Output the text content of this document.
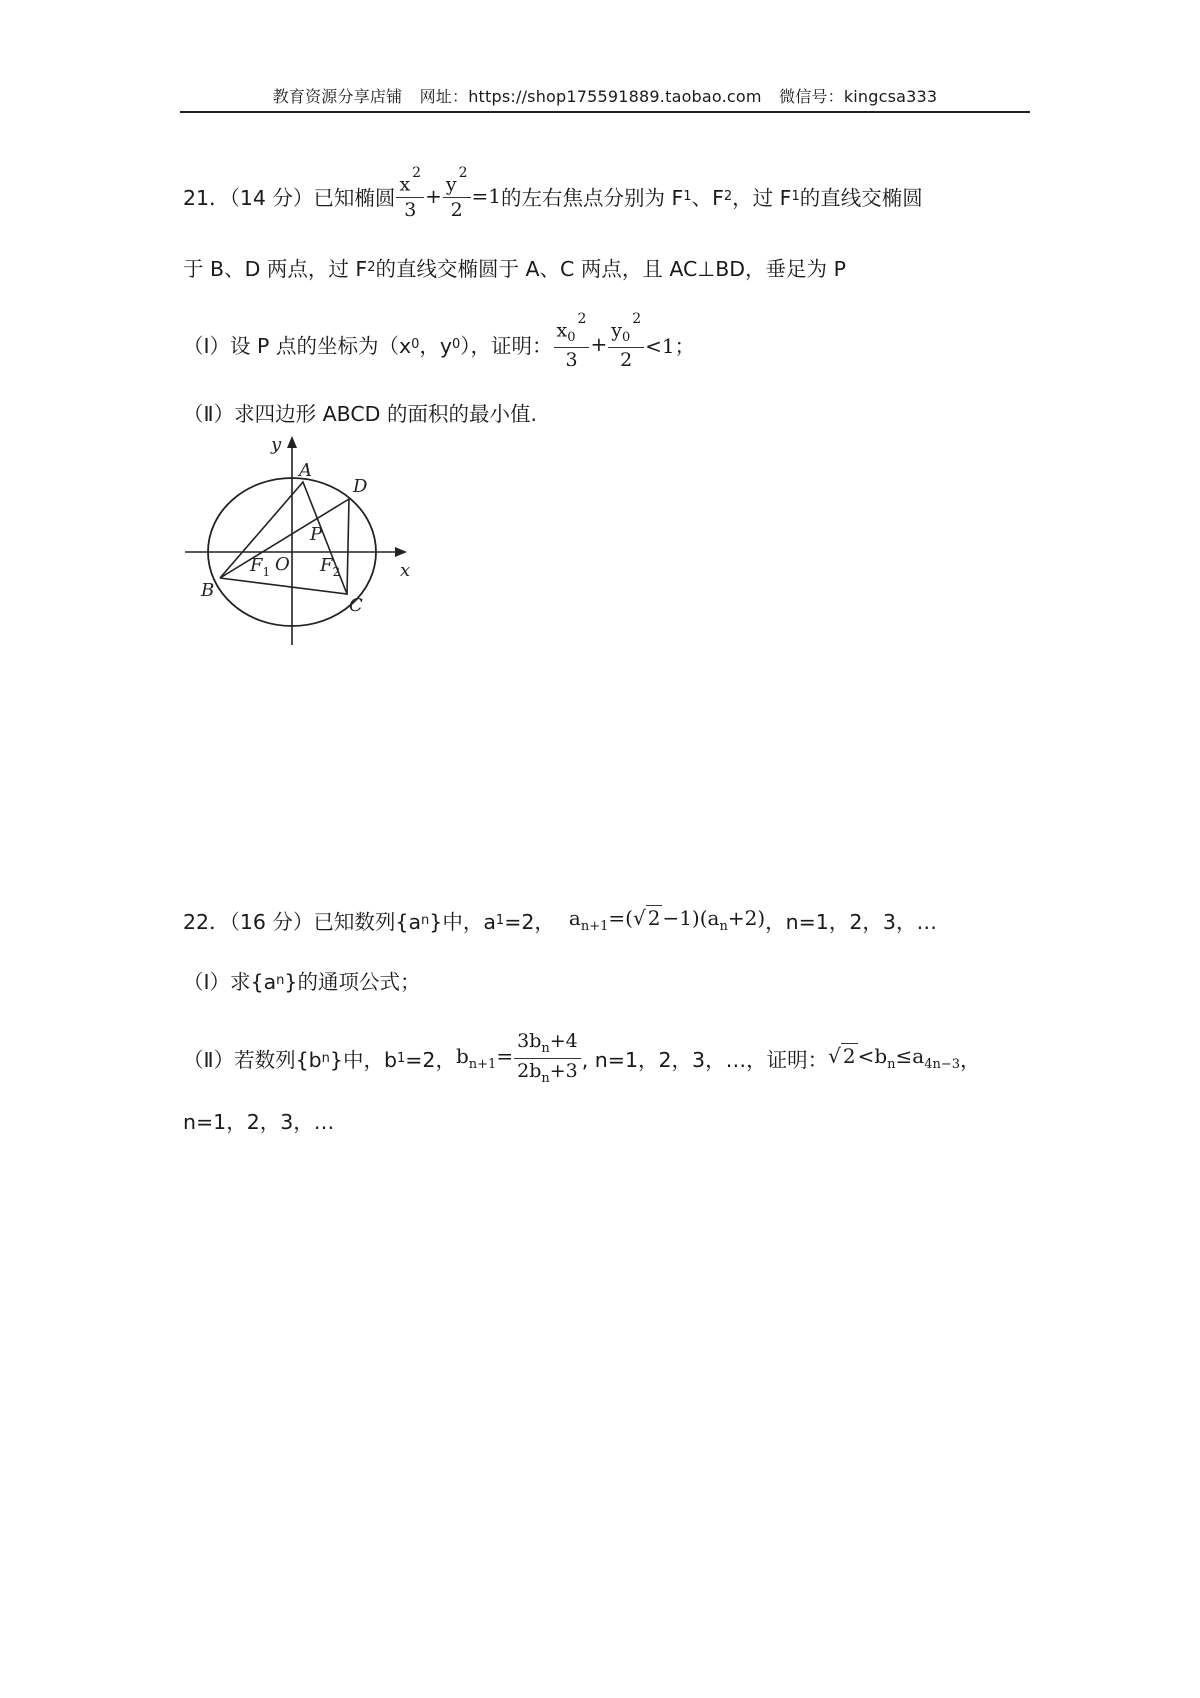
教育资源分享店铺 网址：https://shop175591889.taobao.com 微信号：kingcsa333
21．（14 分）已知椭圆 $\frac{x^2}{3} + \frac{y^2}{2} =1$ 的左右焦点分别为 F 1 、F 2 ，过 F 1 的直线交椭圆
于 B、D 两点，过 F 2 的直线交椭圆于 A、C 两点，且 AC⊥BD，垂足为 P
（Ⅰ）设 P 点的坐标为（x 0 ，y 0 ），证明： $\frac{x_0^2}{3} + \frac{y_0^2}{2} <1$；
（Ⅱ）求四边形 ABCD 的面积的最小值.
y
x
A
B
C
D
P
O
$F_1$	$F_2$
22．（16 分）已知数列{a n }中，a 1 =2， $a_{n+1}=(√$ $2 -1)(a_n+2)$ ，n=1，2，3，…
（Ⅰ）求{a n }的通项公式；
（Ⅱ）若数列{b n }中，b 1 =2， $b_{n+1}= \frac{3b_n+4}{2b_n+3}$ , n=1，2，3，…，证明： √ $2 <b_n\le a_{4n-3}$ ，
n=1，2，3，…
